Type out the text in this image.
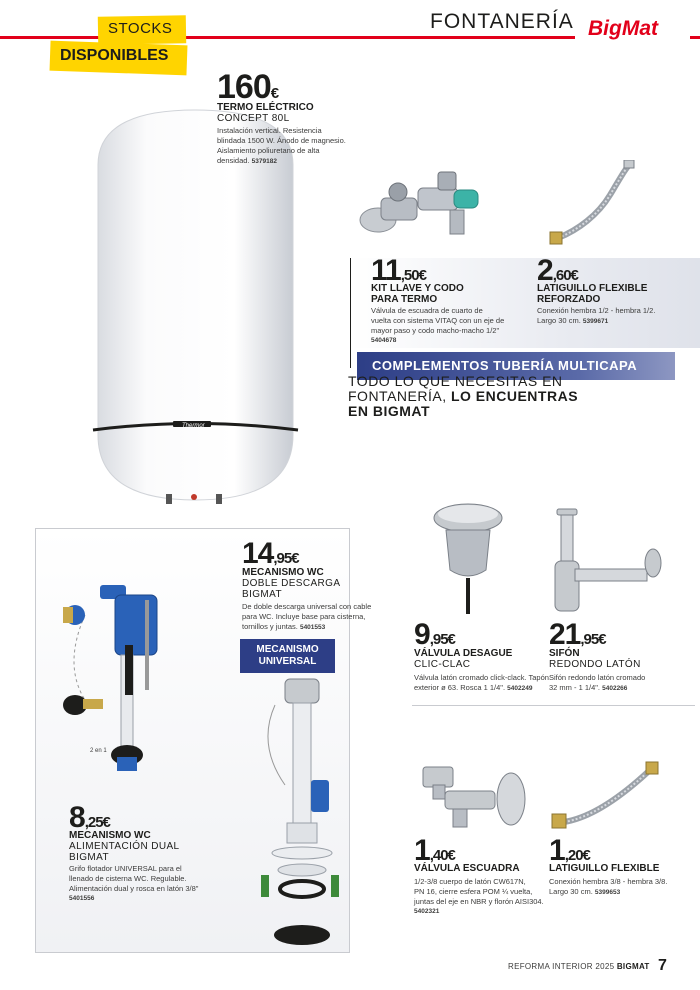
FONTANERÍA BigMat
STOCKS
DISPONIBLES
Thermor
160€
TERMO ELÉCTRICO
CONCEPT 80L
Instalación vertical. Resistencia
blindada 1500 W. Ánodo de magnesio.
Aislamiento poliuretano de alta
densidad. 5379182
11,50€
KIT LLAVE Y CODO
PARA TERMO
Válvula de escuadra de cuarto de
vuelta con sistema VITAQ con un eje de
mayor paso y codo macho-macho 1/2"
5404678
2,60€
LATIGUILLO FLEXIBLE
REFORZADO
Conexión hembra 1/2 - hembra 1/2.
Largo 30 cm. 5399671
COMPLEMENTOS TUBERÍA MULTICAPA
TODO LO QUE NECESITAS EN
FONTANERÍA, LO ENCUENTRAS
EN BIGMAT
2 en 1
14,95€
MECANISMO WC
DOBLE DESCARGA
BIGMAT
De doble descarga universal con cable
para WC. Incluye base para cisterna,
tornillos y juntas. 5401553
MECANISMO
UNIVERSAL
8,25€
MECANISMO WC
ALIMENTACIÓN DUAL
BIGMAT
Grifo flotador UNIVERSAL para el
llenado de cisterna WC. Regulable.
Alimentación dual y rosca en latón 3/8"
5401556
9,95€
VÁLVULA DESAGUE
CLIC-CLAC
Válvula latón cromado click-clack. Tapón
exterior ø 63. Rosca 1 1/4". 5402249
21,95€
SIFÓN
REDONDO LATÓN
Sifón redondo latón cromado
32 mm - 1 1/4". 5402266
1,40€
VÁLVULA ESCUADRA
1/2-3/8 cuerpo de latón CW617N,
PN 16, cierre esfera POM ¼ vuelta,
juntas del eje en NBR y florón AISI304.
5402321
1,20€
LATIGUILLO FLEXIBLE
Conexión hembra 3/8 - hembra 3/8.
Largo 30 cm. 5399653
REFORMA INTERIOR 2025 BIGMAT 7
